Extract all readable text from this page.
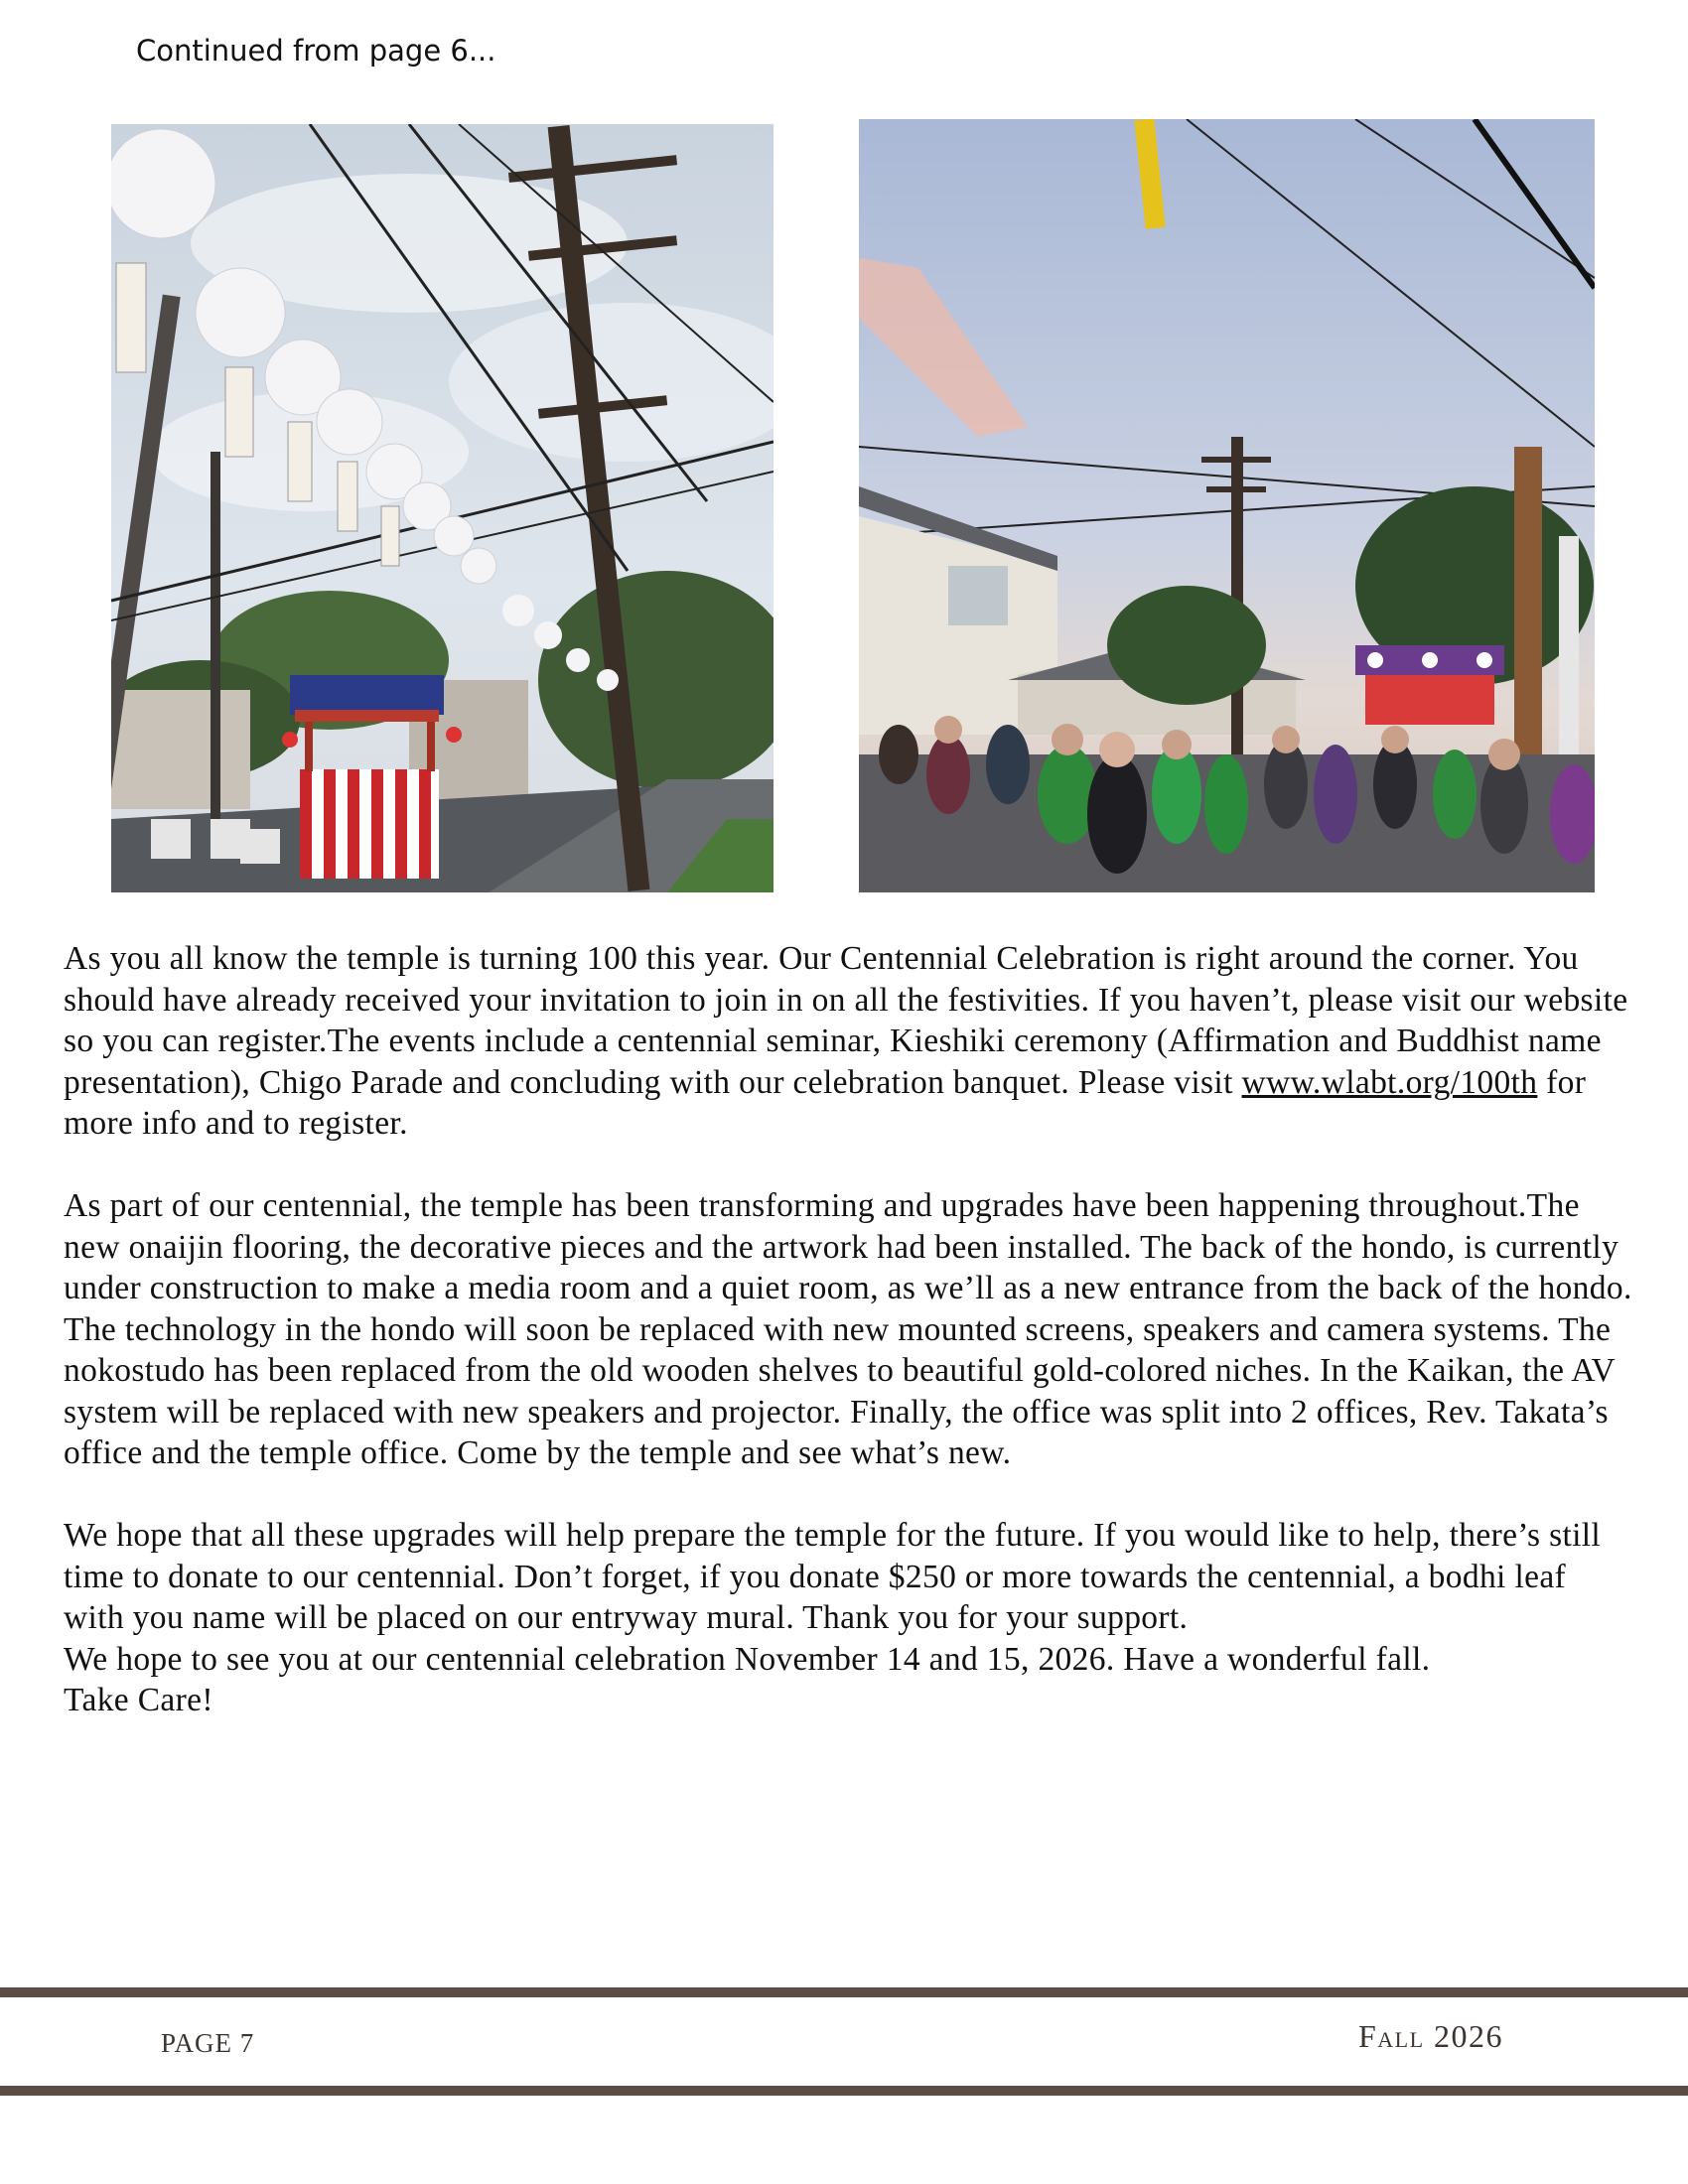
Continued from page 6...

As you all know the temple is turning 100 this year. Our Centennial Celebration is right around the corner. You should have already received your invitation to join in on all the festivities. If you haven’t, please visit our website so you can register.The events include a centennial seminar, Kieshiki ceremony (Affirmation and Buddhist name presentation), Chigo Parade and concluding with our celebration banquet. Please visit www.wlabt.org/100th for more info and to register.

As part of our centennial, the temple has been transforming and upgrades have been happening throughout.The new onaijin flooring, the decorative pieces and the artwork had been installed. The back of the hondo, is currently under construction to make a media room and a quiet room, as we’ll as a new entrance from the back of the hondo. The technology in the hondo will soon be replaced with new mounted screens, speakers and camera systems. The nokostudo has been replaced from the old wooden shelves to beautiful gold-colored niches. In the Kaikan, the AV system will be replaced with new speakers and projector. Finally, the office was split into 2 offices, Rev. Takata’s office and the temple office. Come by the temple and see what’s new.

We hope that all these upgrades will help prepare the temple for the future. If you would like to help, there’s still time to donate to our centennial. Don’t forget, if you donate $250 or more towards the centennial, a bodhi leaf with you name will be placed on our entryway mural. Thank you for your support.

We hope to see you at our centennial celebration November 14 and 15, 2026. Have a wonderful fall.

Take Care!

PAGE 7	Fall 2026
